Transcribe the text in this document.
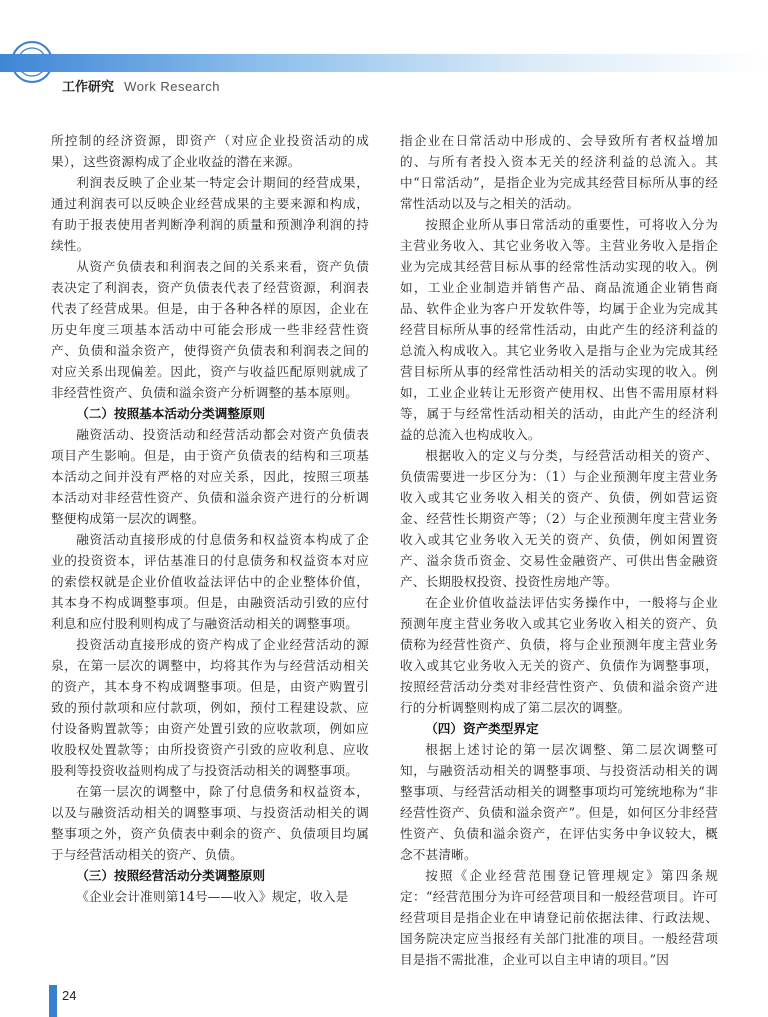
工作研究 Work Research

所控制的经济资源，即资产（对应企业投资活动的成果），这些资源构成了企业收益的潜在来源。

利润表反映了企业某一特定会计期间的经营成果，通过利润表可以反映企业经营成果的主要来源和构成，有助于报表使用者判断净利润的质量和预测净利润的持续性。

从资产负债表和利润表之间的关系来看，资产负债表决定了利润表，资产负债表代表了经营资源，利润表代表了经营成果。但是，由于各种各样的原因，企业在历史年度三项基本活动中可能会形成一些非经营性资产、负债和溢余资产，使得资产负债表和利润表之间的对应关系出现偏差。因此，资产与收益匹配原则就成了非经营性资产、负债和溢余资产分析调整的基本原则。

（二）按照基本活动分类调整原则

融资活动、投资活动和经营活动都会对资产负债表项目产生影响。但是，由于资产负债表的结构和三项基本活动之间并没有严格的对应关系，因此，按照三项基本活动对非经营性资产、负债和溢余资产进行的分析调整便构成第一层次的调整。

融资活动直接形成的付息债务和权益资本构成了企业的投资资本，评估基准日的付息债务和权益资本对应的索偿权就是企业价值收益法评估中的企业整体价值，其本身不构成调整事项。但是，由融资活动引致的应付利息和应付股利则构成了与融资活动相关的调整事项。

投资活动直接形成的资产构成了企业经营活动的源泉，在第一层次的调整中，均将其作为与经营活动相关的资产，其本身不构成调整事项。但是，由资产购置引致的预付款项和应付款项，例如，预付工程建设款、应付设备购置款等；由资产处置引致的应收款项，例如应收股权处置款等；由所投资资产引致的应收利息、应收股利等投资收益则构成了与投资活动相关的调整事项。

在第一层次的调整中，除了付息债务和权益资本，以及与融资活动相关的调整事项、与投资活动相关的调整事项之外，资产负债表中剩余的资产、负债项目均属于与经营活动相关的资产、负债。

（三）按照经营活动分类调整原则

《企业会计准则第14号——收入》规定，收入是

指企业在日常活动中形成的、会导致所有者权益增加的、与所有者投入资本无关的经济利益的总流入。其中“日常活动”，是指企业为完成其经营目标所从事的经常性活动以及与之相关的活动。

按照企业所从事日常活动的重要性，可将收入分为主营业务收入、其它业务收入等。主营业务收入是指企业为完成其经营目标从事的经常性活动实现的收入。例如，工业企业制造并销售产品、商品流通企业销售商品、软件企业为客户开发软件等，均属于企业为完成其经营目标所从事的经常性活动，由此产生的经济利益的总流入构成收入。其它业务收入是指与企业为完成其经营目标所从事的经常性活动相关的活动实现的收入。例如，工业企业转让无形资产使用权、出售不需用原材料等，属于与经常性活动相关的活动，由此产生的经济利益的总流入也构成收入。

根据收入的定义与分类，与经营活动相关的资产、负债需要进一步区分为：（1）与企业预测年度主营业务收入或其它业务收入相关的资产、负债，例如营运资金、经营性长期资产等；（2）与企业预测年度主营业务收入或其它业务收入无关的资产、负债，例如闲置资产、溢余货币资金、交易性金融资产、可供出售金融资产、长期股权投资、投资性房地产等。

在企业价值收益法评估实务操作中，一般将与企业预测年度主营业务收入或其它业务收入相关的资产、负债称为经营性资产、负债，将与企业预测年度主营业务收入或其它业务收入无关的资产、负债作为调整事项，按照经营活动分类对非经营性资产、负债和溢余资产进行的分析调整则构成了第二层次的调整。

（四）资产类型界定

根据上述讨论的第一层次调整、第二层次调整可知，与融资活动相关的调整事项、与投资活动相关的调整事项、与经营活动相关的调整事项均可笼统地称为“非经营性资产、负债和溢余资产”。但是，如何区分非经营性资产、负债和溢余资产，在评估实务中争议较大，概念不甚清晰。

按照《企业经营范围登记管理规定》第四条规定：“经营范围分为许可经营项目和一般经营项目。许可经营项目是指企业在申请登记前依据法律、行政法规、国务院决定应当报经有关部门批准的项目。一般经营项目是指不需批准，企业可以自主申请的项目。”因

24
